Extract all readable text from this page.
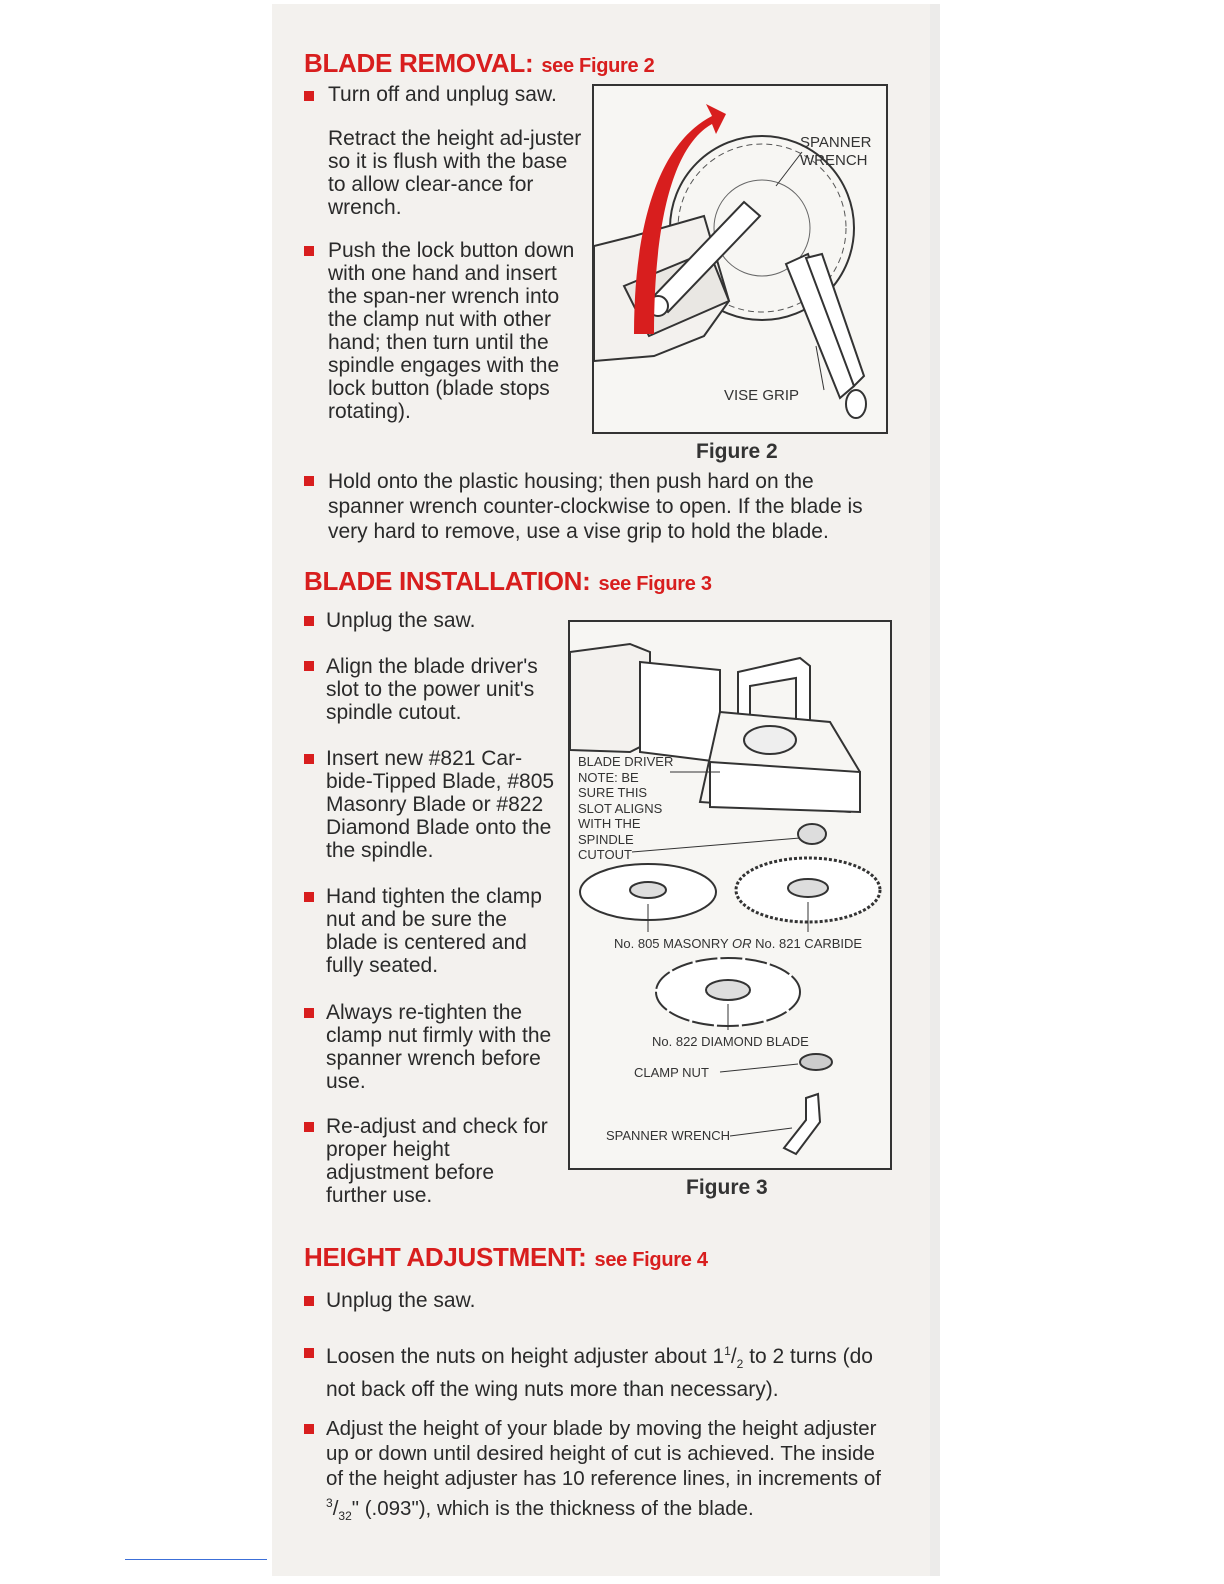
BLADE REMOVAL: see Figure 2

Turn off and unplug saw.

Retract the height ad-juster so it is flush with the base to allow clear-ance for wrench.

Push the lock button down with one hand and insert the span-ner wrench into the clamp nut with other hand; then turn until the spindle engages with the lock button (blade stops rotating).

SPANNER
WRENCH

VISE GRIP

Figure 2

Hold onto the plastic housing; then push hard on the spanner wrench counter-clockwise to open. If the blade is very hard to remove, use a vise grip to hold the blade.

BLADE INSTALLATION: see Figure 3

Unplug the saw.

Align the blade driver's slot to the power unit's spindle cutout.

Insert new #821 Car-bide-Tipped Blade, #805 Masonry Blade or #822 Diamond Blade onto the the spindle.

Hand tighten the clamp nut and be sure the blade is centered and fully seated.

Always re-tighten the clamp nut firmly with the spanner wrench before use.

Re-adjust and check for proper height adjustment before further use.

BLADE DRIVER
NOTE: BE
SURE THIS
SLOT ALIGNS
WITH THE
SPINDLE
CUTOUT

No. 805 MASONRY OR No. 821 CARBIDE

No. 822 DIAMOND BLADE

CLAMP NUT

SPANNER WRENCH

Figure 3

HEIGHT ADJUSTMENT: see Figure 4

Unplug the saw.

Loosen the nuts on height adjuster about $1^1/_2$ to 2 turns (do not back off the wing nuts more than necessary).

Adjust the height of your blade by moving the height adjuster up or down until desired height of cut is achieved. The inside of the height adjuster has 10 reference lines, in increments of $^3/_{32}$" (.093"), which is the thickness of the blade.
